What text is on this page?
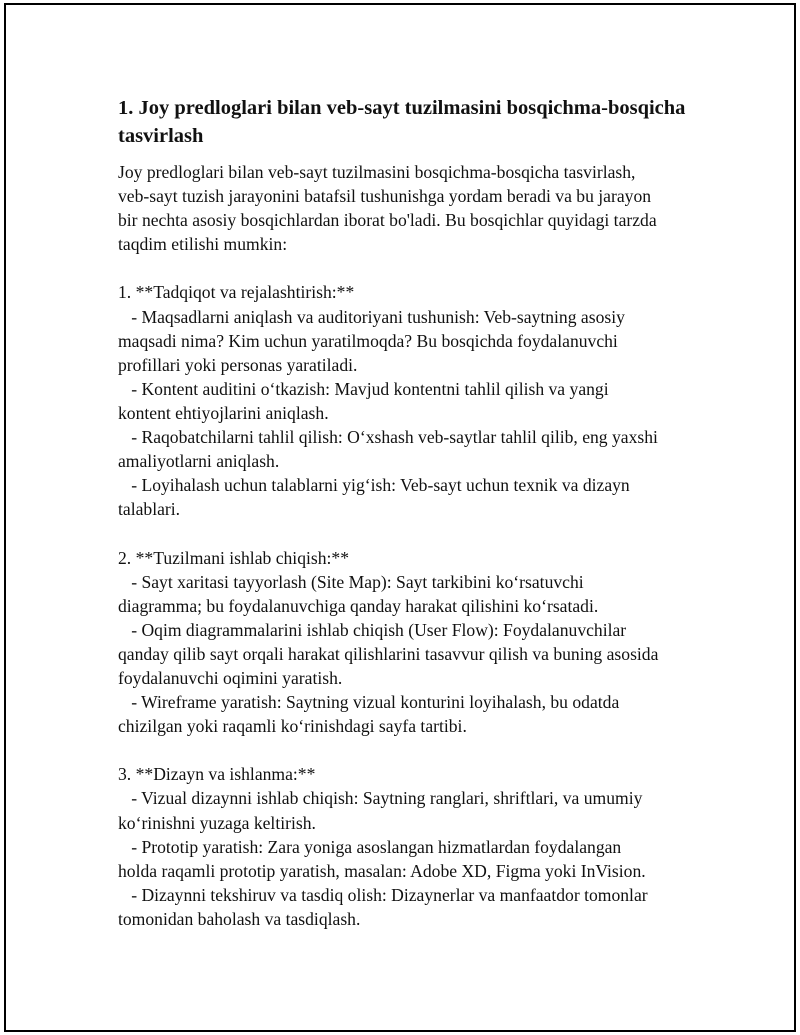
1. Joy predloglari bilan veb-sayt tuzilmasini bosqichma-bosqicha tasvirlash

Joy predloglari bilan veb-sayt tuzilmasini bosqichma-bosqicha tasvirlash,
veb-sayt tuzish jarayonini batafsil tushunishga yordam beradi va bu jarayon
bir nechta asosiy bosqichlardan iborat bo'ladi. Bu bosqichlar quyidagi tarzda
taqdim etilishi mumkin:

1. **Tadqiqot va rejalashtirish:**
- Maqsadlarni aniqlash va auditoriyani tushunish: Veb-saytning asosiy
maqsadi nima? Kim uchun yaratilmoqda? Bu bosqichda foydalanuvchi
profillari yoki personas yaratiladi.
- Kontent auditini o‘tkazish: Mavjud kontentni tahlil qilish va yangi
kontent ehtiyojlarini aniqlash.
- Raqobatchilarni tahlil qilish: O‘xshash veb-saytlar tahlil qilib, eng yaxshi
amaliyotlarni aniqlash.
- Loyihalash uchun talablarni yig‘ish: Veb-sayt uchun texnik va dizayn
talablari.

2. **Tuzilmani ishlab chiqish:**
- Sayt xaritasi tayyorlash (Site Map): Sayt tarkibini ko‘rsatuvchi
diagramma; bu foydalanuvchiga qanday harakat qilishini ko‘rsatadi.
- Oqim diagrammalarini ishlab chiqish (User Flow): Foydalanuvchilar
qanday qilib sayt orqali harakat qilishlarini tasavvur qilish va buning asosida
foydalanuvchi oqimini yaratish.
- Wireframe yaratish: Saytning vizual konturini loyihalash, bu odatda
chizilgan yoki raqamli ko‘rinishdagi sayfa tartibi.

3. **Dizayn va ishlanma:**
- Vizual dizaynni ishlab chiqish: Saytning ranglari, shriftlari, va umumiy
ko‘rinishni yuzaga keltirish.
- Prototip yaratish: Zara yoniga asoslangan hizmatlardan foydalangan
holda raqamli prototip yaratish, masalan: Adobe XD, Figma yoki InVision.
- Dizaynni tekshiruv va tasdiq olish: Dizaynerlar va manfaatdor tomonlar
tomonidan baholash va tasdiqlash.
